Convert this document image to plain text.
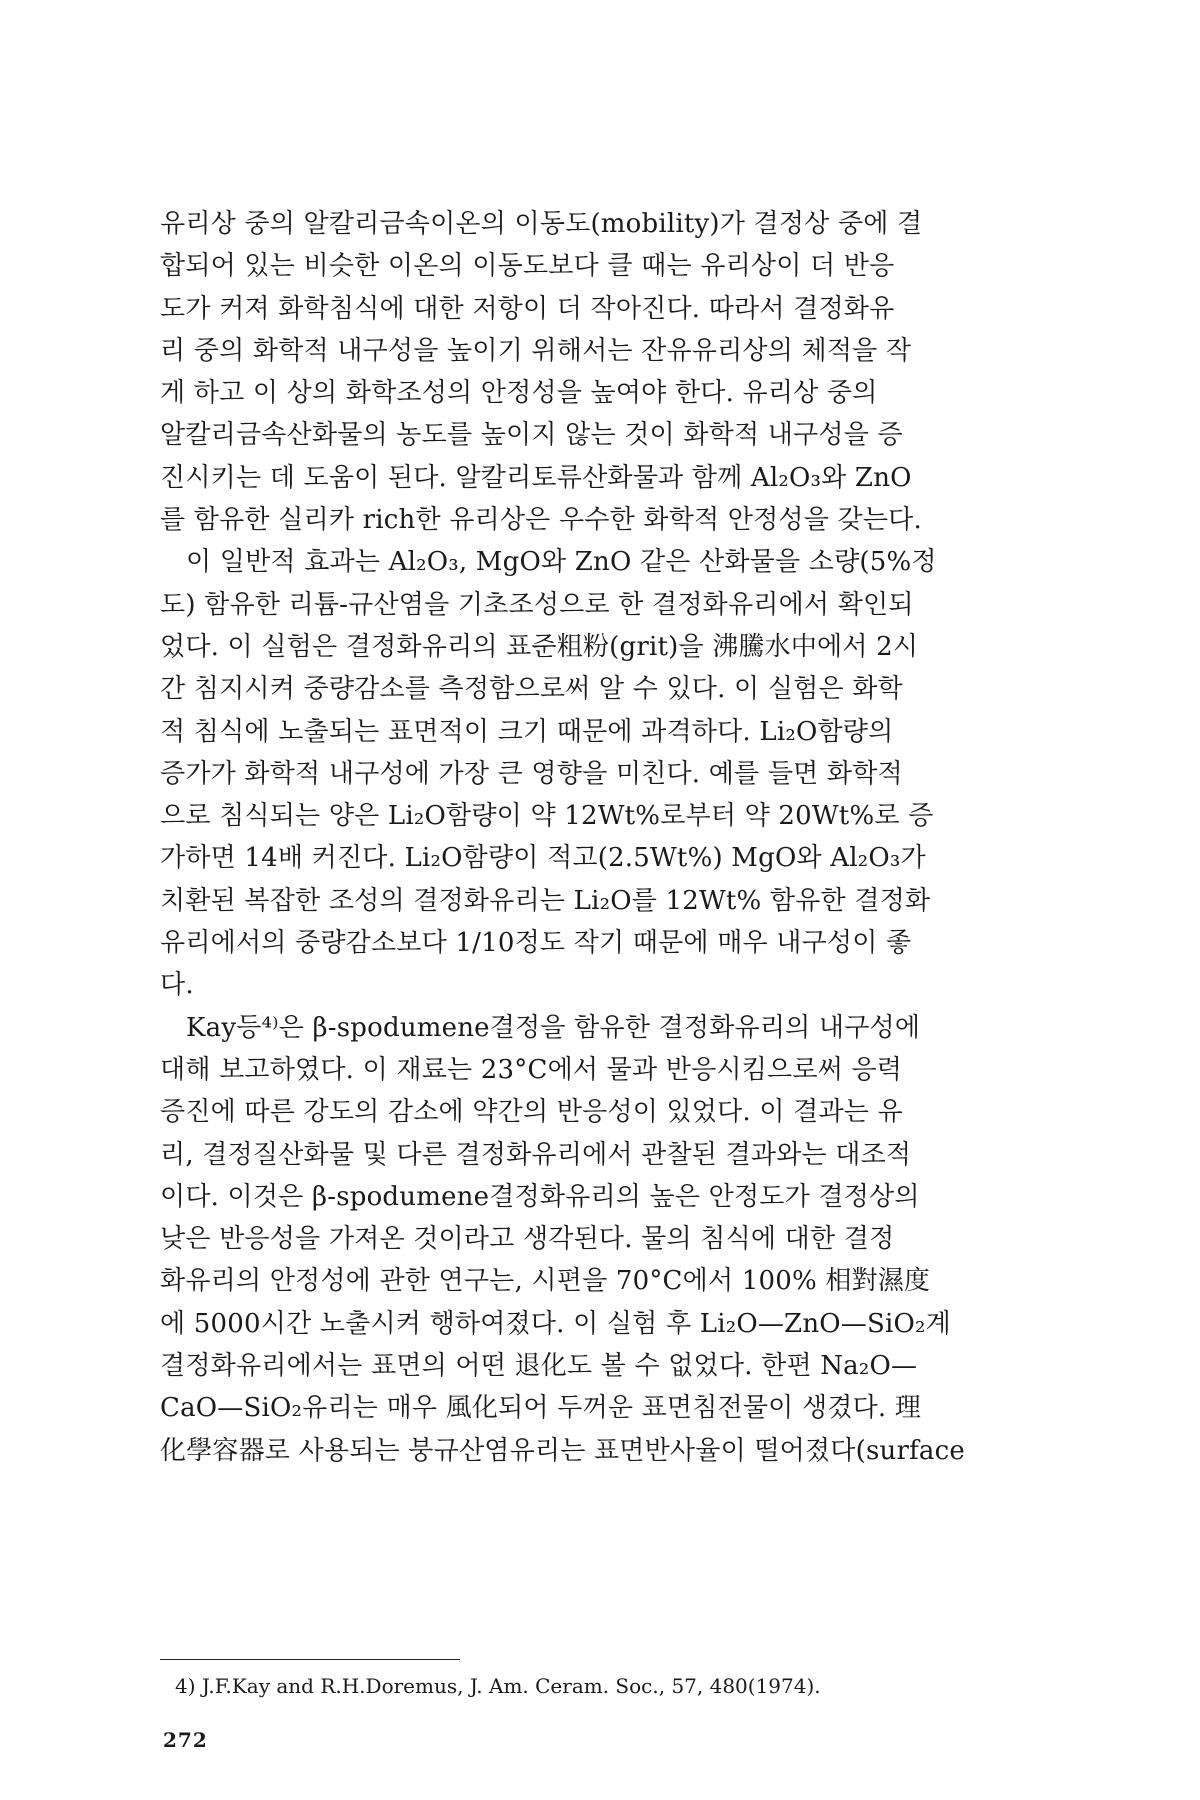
유리상 중의 알칼리금속이온의 이동도(mobility)가 결정상 중에 결
합되어 있는 비슷한 이온의 이동도보다 클 때는 유리상이 더 반응
도가 커져 화학침식에 대한 저항이 더 작아진다. 따라서 결정화유
리 중의 화학적 내구성을 높이기 위해서는 잔유유리상의 체적을 작
게 하고 이 상의 화학조성의 안정성을 높여야 한다. 유리상 중의
알칼리금속산화물의 농도를 높이지 않는 것이 화학적 내구성을 증
진시키는 데 도움이 된다. 알칼리토류산화물과 함께 Al₂O₃와 ZnO
를 함유한 실리카 rich한 유리상은 우수한 화학적 안정성을 갖는다.
이 일반적 효과는 Al₂O₃, MgO와 ZnO 같은 산화물을 소량(5%정
도) 함유한 리튬-규산염을 기초조성으로 한 결정화유리에서 확인되
었다. 이 실험은 결정화유리의 표준粗粉(grit)을 沸騰水中에서 2시
간 침지시켜 중량감소를 측정함으로써 알 수 있다. 이 실험은 화학
적 침식에 노출되는 표면적이 크기 때문에 과격하다. Li₂O함량의
증가가 화학적 내구성에 가장 큰 영향을 미친다. 예를 들면 화학적
으로 침식되는 양은 Li₂O함량이 약 12Wt%로부터 약 20Wt%로 증
가하면 14배 커진다. Li₂O함량이 적고(2.5Wt%) MgO와 Al₂O₃가
치환된 복잡한 조성의 결정화유리는 Li₂O를 12Wt% 함유한 결정화
유리에서의 중량감소보다 1/10정도 작기 때문에 매우 내구성이 좋
다.
Kay등⁴⁾은 β-spodumene결정을 함유한 결정화유리의 내구성에
대해 보고하였다. 이 재료는 23°C에서 물과 반응시킴으로써 응력
증진에 따른 강도의 감소에 약간의 반응성이 있었다. 이 결과는 유
리, 결정질산화물 및 다른 결정화유리에서 관찰된 결과와는 대조적
이다. 이것은 β-spodumene결정화유리의 높은 안정도가 결정상의
낮은 반응성을 가져온 것이라고 생각된다. 물의 침식에 대한 결정
화유리의 안정성에 관한 연구는, 시편을 70°C에서 100% 相對濕度
에 5000시간 노출시켜 행하여졌다. 이 실험 후 Li₂O—ZnO—SiO₂계
결정화유리에서는 표면의 어떤 退化도 볼 수 없었다. 한편 Na₂O—
CaO—SiO₂유리는 매우 風化되어 두꺼운 표면침전물이 생겼다. 理
化學容器로 사용되는 붕규산염유리는 표면반사율이 떨어졌다(surface
4) J.F.Kay and R.H.Doremus, J. Am. Ceram. Soc., 57, 480(1974).
272
